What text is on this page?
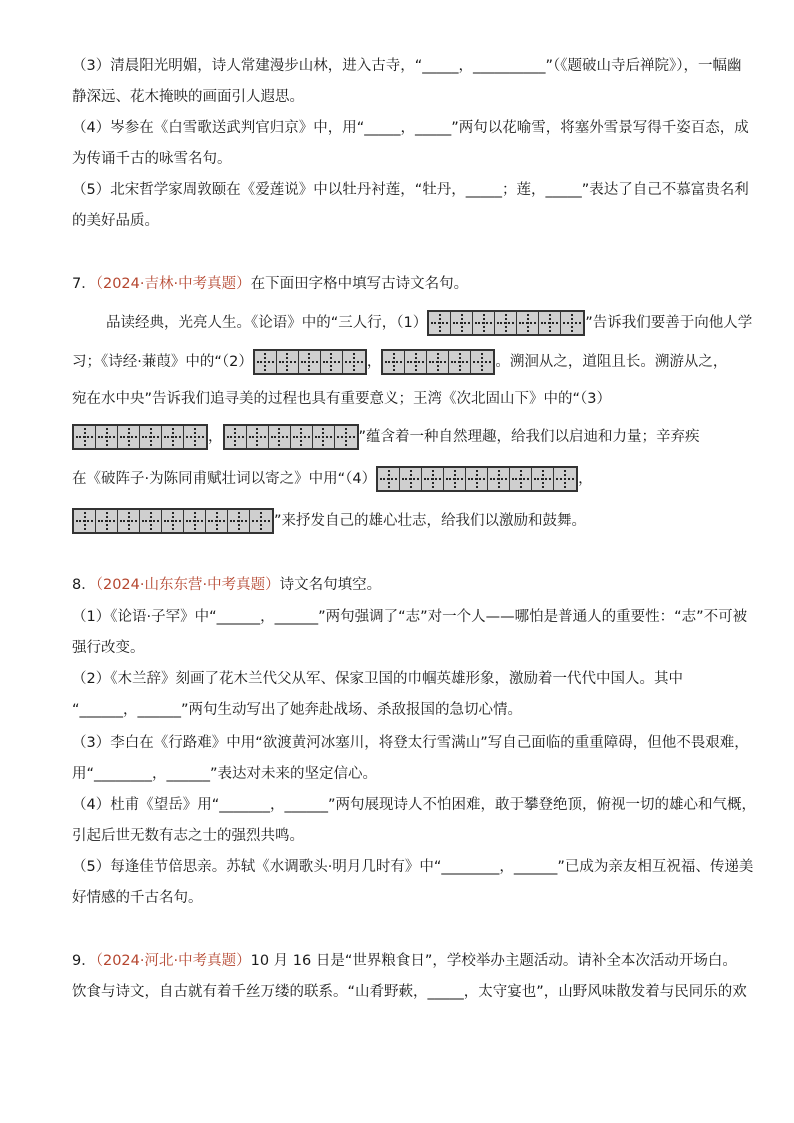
（3）清晨阳光明媚，诗人常建漫步山林，进入古寺，“_____，__________”（《题破山寺后禅院》），一幅幽
静深远、花木掩映的画面引人遐思。
（4）岑参在《白雪歌送武判官归京》中，用“_____，_____”两句以花喻雪，将塞外雪景写得千姿百态，成
为传诵千古的咏雪名句。
（5）北宋哲学家周敦颐在《爱莲说》中以牡丹衬莲，“牡丹，_____；莲，_____”表达了自己不慕富贵名利
的美好品质。
7．（2024·吉林·中考真题）在下面田字格中填写古诗文名句。
品读经典，光亮人生。《论语》中的“三人行，（1）	”告诉我们要善于向他人学
习；《诗经·蒹葭》中的“（2）	，	。溯洄从之，道阻且长。溯游从之，
宛在水中央”告诉我们追寻美的过程也具有重要意义；王湾《次北固山下》中的“（3）
，	”蕴含着一种自然理趣，给我们以启迪和力量；辛弃疾
在《破阵子·为陈同甫赋壮词以寄之》中用“（4）	，
”来抒发自己的雄心壮志，给我们以激励和鼓舞。
8．（2024·山东东营·中考真题）诗文名句填空。
（1）《论语·子罕》中“______，______”两句强调了“志”对一个人——哪怕是普通人的重要性：“志”不可被
强行改变。
（2）《木兰辞》刻画了花木兰代父从军、保家卫国的巾帼英雄形象，激励着一代代中国人。其中
“______，______”两句生动写出了她奔赴战场、杀敌报国的急切心情。
（3）李白在《行路难》中用“欲渡黄河冰塞川，将登太行雪满山”写自己面临的重重障碍，但他不畏艰难，
用“________，______”表达对未来的坚定信心。
（4）杜甫《望岳》用“_______，______”两句展现诗人不怕困难，敢于攀登绝顶，俯视一切的雄心和气概，
引起后世无数有志之士的强烈共鸣。
（5）每逢佳节倍思亲。苏轼《水调歌头·明月几时有》中“________，______”已成为亲友相互祝福、传递美
好情感的千古名句。
9．（2024·河北·中考真题）10 月 16 日是“世界粮食日”，学校举办主题活动。请补全本次活动开场白。
饮食与诗文，自古就有着千丝万缕的联系。“山肴野蔌，_____，太守宴也”，山野风味散发着与民同乐的欢
